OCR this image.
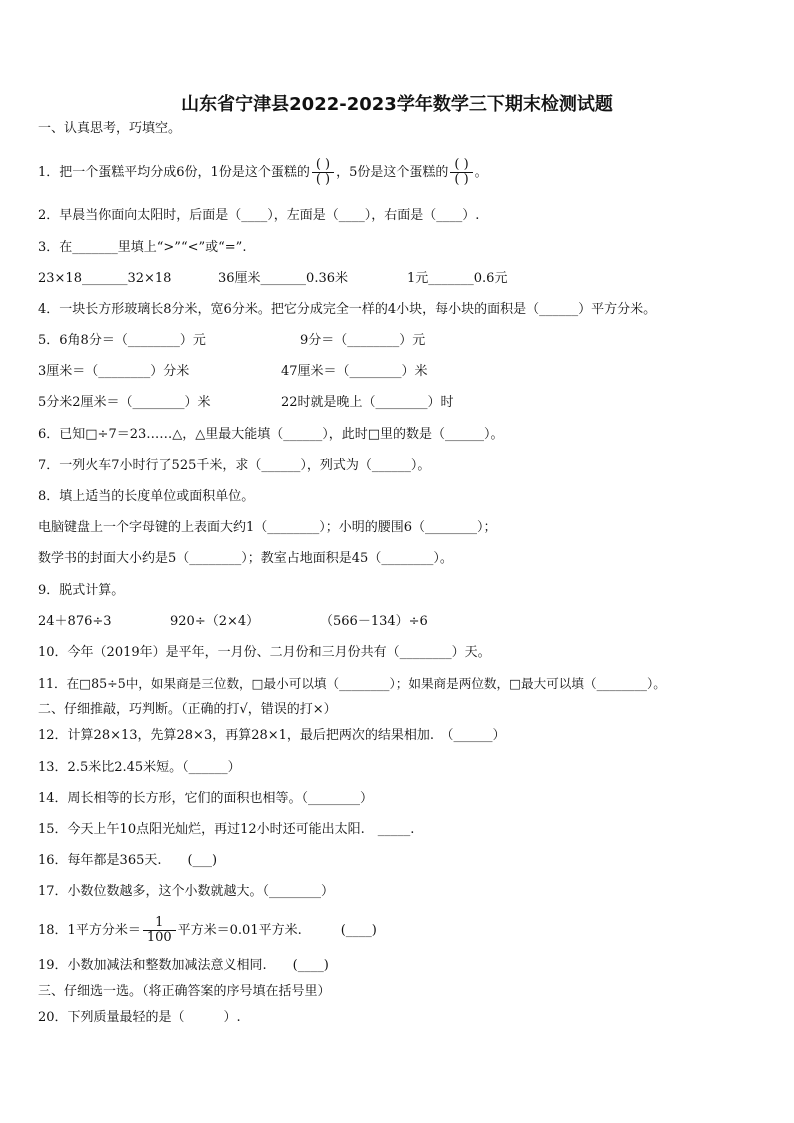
山东省宁津县2022-2023学年数学三下期末检测试题
一、认真思考，巧填空。
1．把一个蛋糕平均分成6份，1份是这个蛋糕的 $\frac{( )}{( )}$ ，5份是这个蛋糕的 $\frac{( )}{( )}$ 。
2．早晨当你面向太阳时，后面是（____），左面是（____），右面是（____）.
3．在_______里填上“>”“<”或“=”.
23×18_______32×18	36厘米_______0.36米	1元_______0.6元
4．一块长方形玻璃长8分米，宽6分米。把它分成完全一样的4小块，每小块的面积是（______）平方分米。
5．6角8分＝（________）元	9分＝（________）元
3厘米＝（________）分米	47厘米＝（________）米
5分米2厘米＝（________）米	22时就是晚上（________）时
6．已知□÷7＝23……△，△里最大能填（______），此时□里的数是（______）。
7．一列火车7小时行了525千米，求（______），列式为（______）。
8．填上适当的长度单位或面积单位。
电脑键盘上一个字母键的上表面大约1（________）；小明的腰围6（________）；
数学书的封面大小约是5（________）；教室占地面积是45（________）。
9．脱式计算。
24＋876÷3	920÷（2×4）	（566－134）÷6
10．今年（2019年）是平年，一月份、二月份和三月份共有（________）天。
11．在□85÷5中，如果商是三位数，□最小可以填（________）；如果商是两位数，□最大可以填（________）。
二、仔细推敲，巧判断。（正确的打√，错误的打×）
12．计算28×13，先算28×3，再算28×1，最后把两次的结果相加.　（______）
13．2.5米比2.45米短。（______）
14．周长相等的长方形，它们的面积也相等。（________）
15．今天上午10点阳光灿烂，再过12小时还可能出太阳.　_____.
16．每年都是365天.　　(___)
17．小数位数越多，这个小数就越大。（________）
18．1平方分米＝ $\frac{1}{100}$ 平方米＝0.01平方米.　　　(____)
19．小数加减法和整数加减法意义相同.　　(____)
三、仔细选一选。（将正确答案的序号填在括号里）
20．下列质量最轻的是（　　　）.
